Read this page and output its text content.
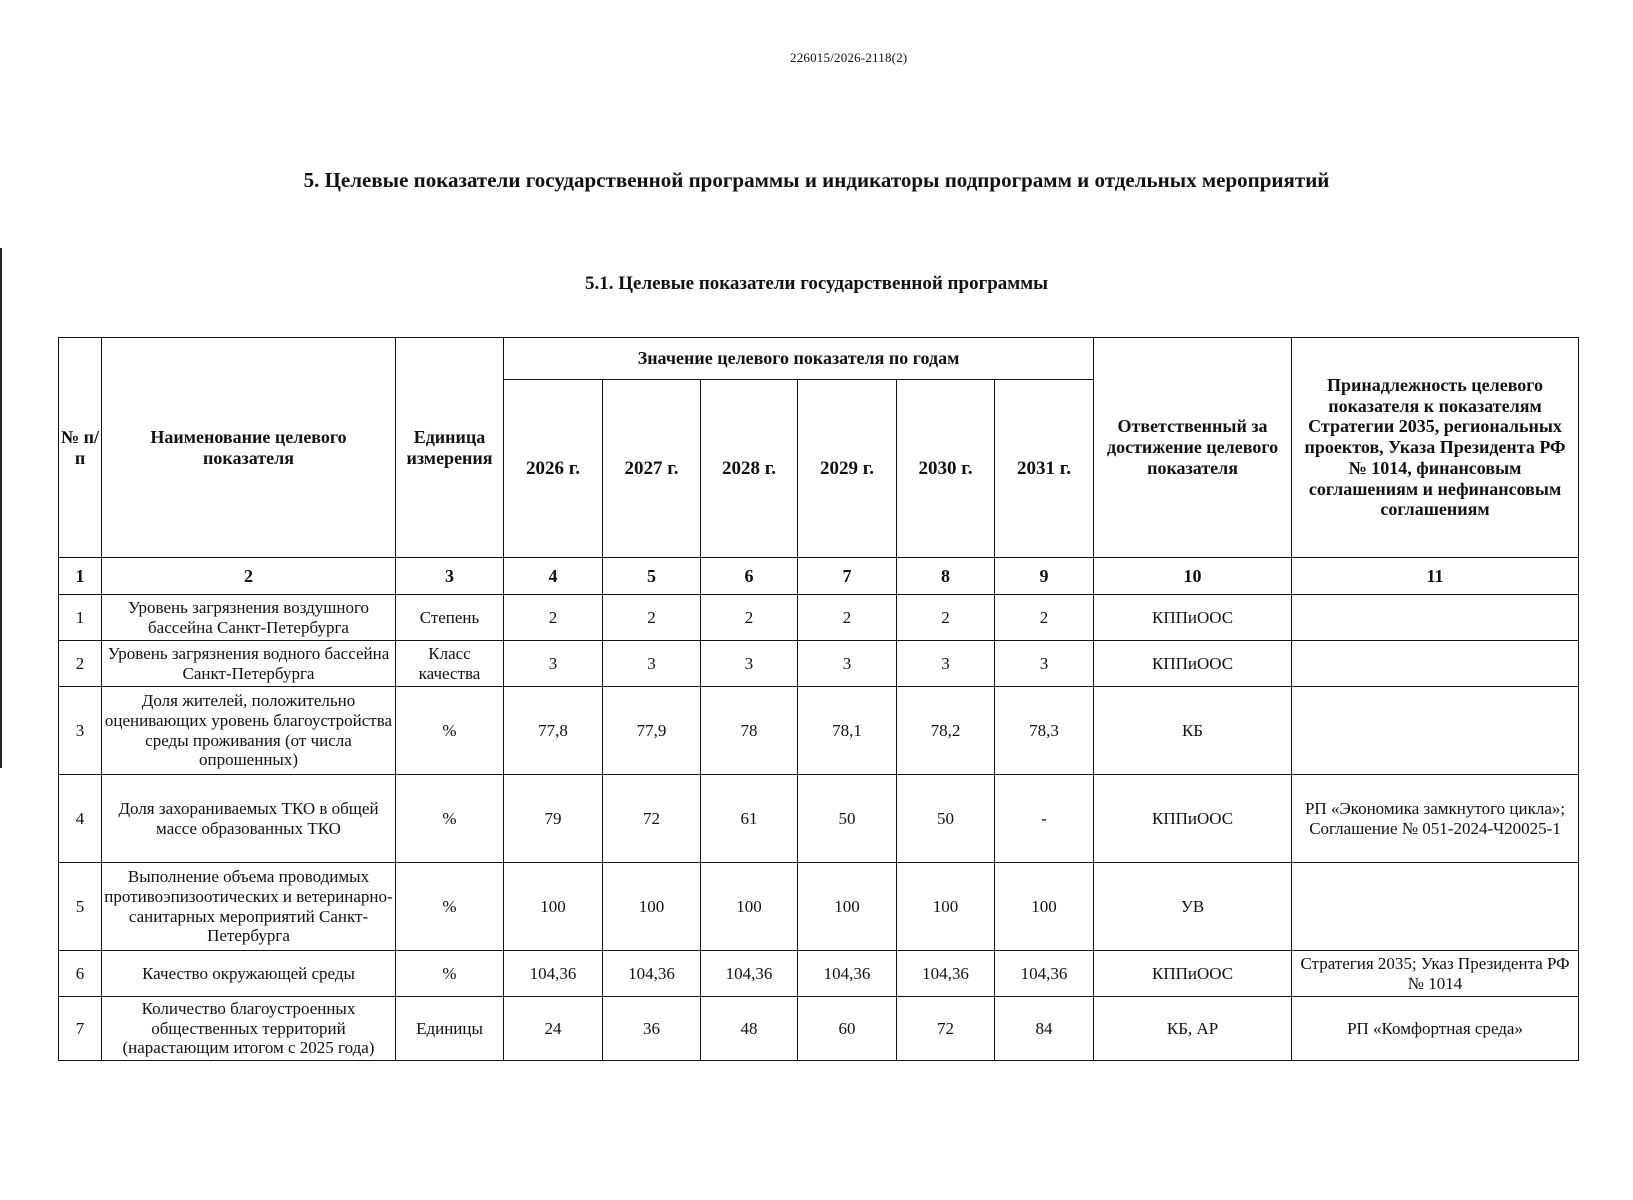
226015/2026-2118(2)
5. Целевые показатели государственной программы и индикаторы подпрограмм и отдельных мероприятий
5.1. Целевые показатели государственной программы
№ п/п	Наименование целевого показателя	Единица измерения	Значение целевого показателя по годам						Ответственный за достижение целевого показателя	Принадлежность целевого показателя к показателям Стратегии 2035, региональных проектов, Указа Президента РФ № 1014, финансовым соглашениям и нефинансовым соглашениям
			2026 г.	2027 г.	2028 г.	2029 г.	2030 г.	2031 г.		
1	2	3	4	5	6	7	8	9	10	11
1	Уровень загрязнения воздушного бассейна Санкт-Петербурга	Степень	2	2	2	2	2	2	КППиООС	
2	Уровень загрязнения водного бассейна Санкт-Петербурга	Класс качества	3	3	3	3	3	3	КППиООС	
3	Доля жителей, положительно оценивающих уровень благоустройства среды проживания (от числа опрошенных)	%	77,8	77,9	78	78,1	78,2	78,3	КБ	
4	Доля захораниваемых ТКО в общей массе образованных ТКО	%	79	72	61	50	50	-	КППиООС	РП «Экономика замкнутого цикла»; Соглашение № 051-2024-Ч20025-1
5	Выполнение объема проводимых противоэпизоотических и ветеринарно-санитарных мероприятий Санкт-Петербурга	%	100	100	100	100	100	100	УВ	
6	Качество окружающей среды	%	104,36	104,36	104,36	104,36	104,36	104,36	КППиООС	Стратегия 2035; Указ Президента РФ № 1014
7	Количество благоустроенных общественных территорий (нарастающим итогом с 2025 года)	Единицы	24	36	48	60	72	84	КБ, АР	РП «Комфортная среда»
